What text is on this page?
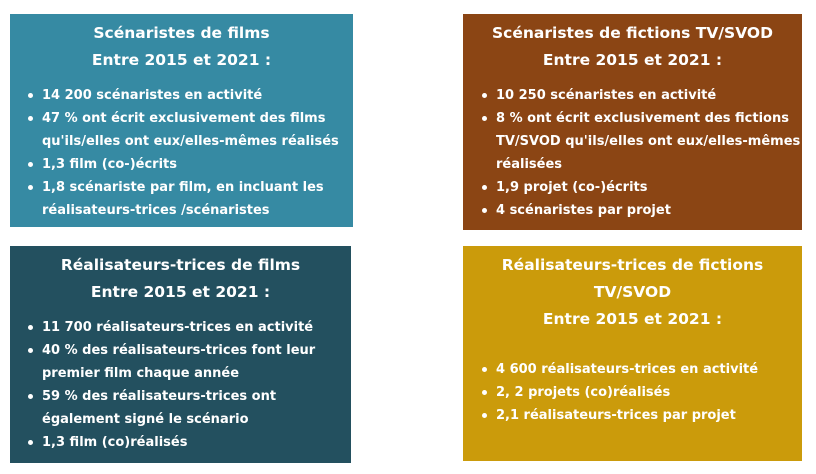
Scénaristes de films
Entre 2015 et 2021 :
14 200 scénaristes en activité
47 % ont écrit exclusivement des films qu'ils/elles ont eux/elles-mêmes réalisés
1,3 film (co-)écrits
1,8 scénariste par film, en incluant les réalisateurs-trices /scénaristes
Scénaristes de fictions TV/SVOD
Entre 2015 et 2021 :
10 250 scénaristes en activité
8 % ont écrit exclusivement des fictions TV/SVOD qu'ils/elles ont eux/elles-mêmes réalisées
1,9 projet (co-)écrits
4 scénaristes par projet
Réalisateurs-trices de films
Entre 2015 et 2021 :
11 700 réalisateurs-trices en activité
40 % des réalisateurs-trices font leur premier film chaque année
59 % des réalisateurs-trices ont également signé le scénario
1,3 film (co)réalisés
Réalisateurs-trices de fictions TV/SVOD
Entre 2015 et 2021 :
4 600 réalisateurs-trices en activité
2, 2 projets (co)réalisés
2,1 réalisateurs-trices par projet
